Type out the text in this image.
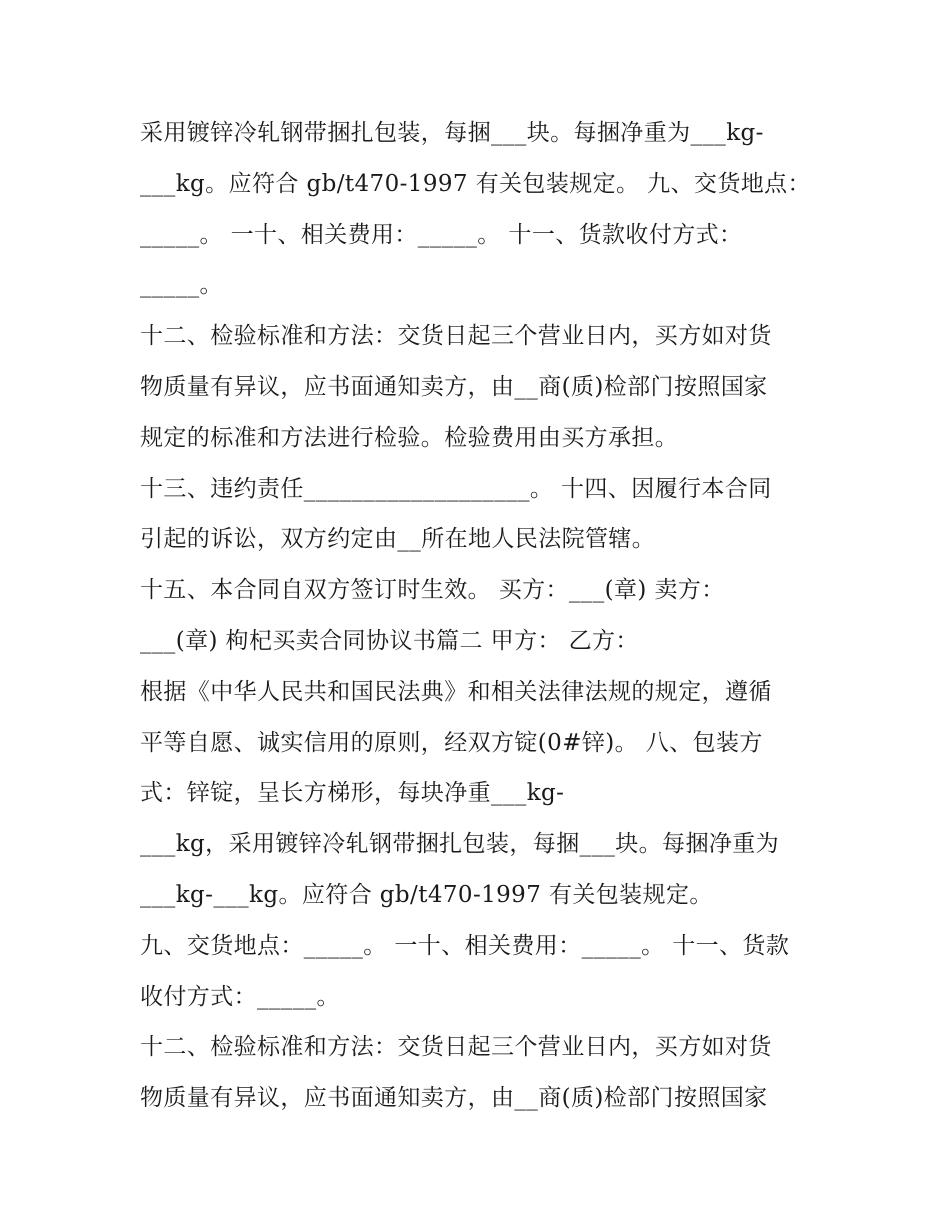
采用镀锌冷轧钢带捆扎包装，每捆___块。每捆净重为___kg-
___kg。应符合 gb/t470-1997 有关包装规定。 九、交货地点：
_____。 一十、相关费用：_____。 十一、货款收付方式：
_____。
十二、检验标准和方法：交货日起三个营业日内，买方如对货
物质量有异议，应书面通知卖方，由__商(质)检部门按照国家
规定的标准和方法进行检验。检验费用由买方承担。
十三、违约责任___________________。 十四、因履行本合同
引起的诉讼，双方约定由__所在地人民法院管辖。
十五、本合同自双方签订时生效。 买方：___(章) 卖方：
___(章) 枸杞买卖合同协议书篇二 甲方： 乙方：
根据《中华人民共和国民法典》和相关法律法规的规定，遵循
平等自愿、诚实信用的原则，经双方锭(0#锌)。 八、包装方
式：锌锭，呈长方梯形，每块净重___kg-
___kg，采用镀锌冷轧钢带捆扎包装，每捆___块。每捆净重为
___kg-___kg。应符合 gb/t470-1997 有关包装规定。
九、交货地点：_____。 一十、相关费用：_____。 十一、货款
收付方式：_____。
十二、检验标准和方法：交货日起三个营业日内，买方如对货
物质量有异议，应书面通知卖方，由__商(质)检部门按照国家
